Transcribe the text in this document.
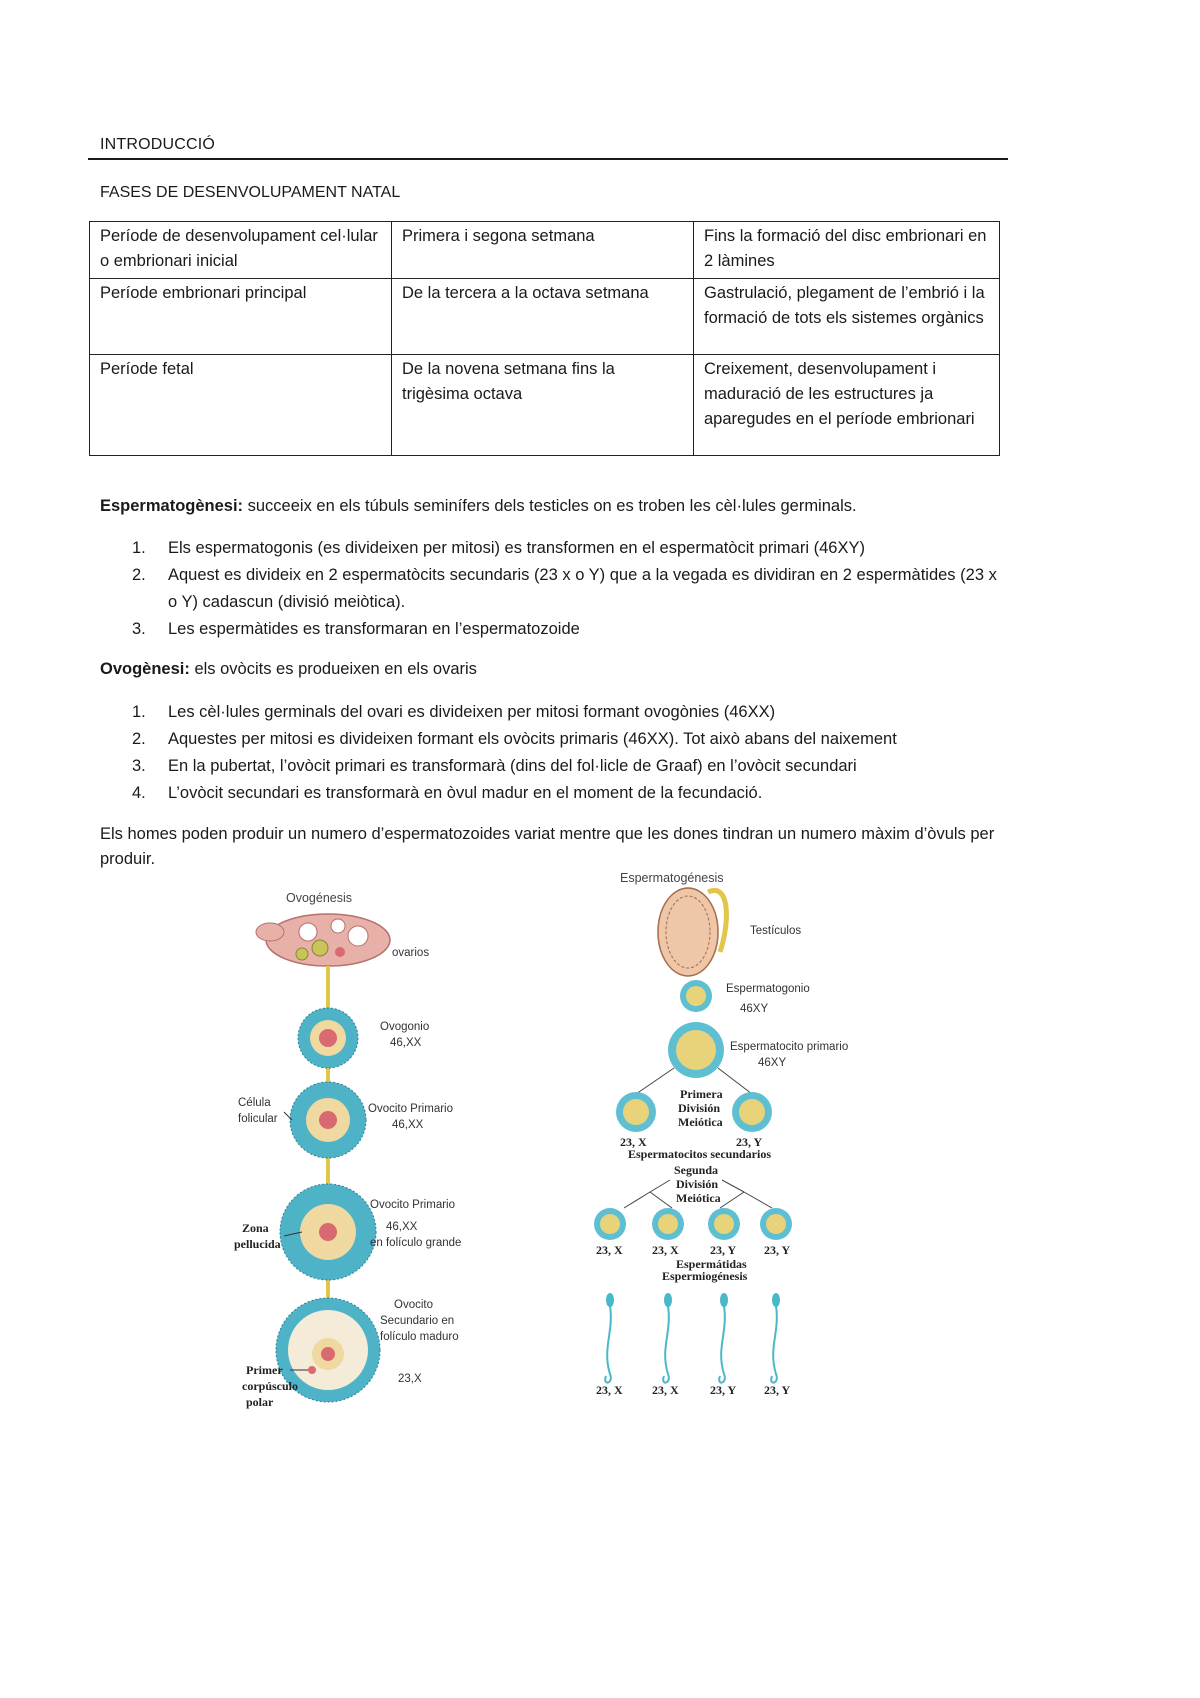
INTRODUCCIÓ
FASES DE DESENVOLUPAMENT NATAL
Període de desenvolupament cel·lular o embrionari inicial	Primera i segona setmana	Fins la formació del disc embrionari en 2 làmines
Període embrionari principal	De la tercera a la octava setmana	Gastrulació, plegament de l’embrió i la formació de tots els sistemes orgànics
Període fetal	De la novena setmana fins la trigèsima octava	Creixement, desenvolupament i maduració de les estructures ja aparegudes en el període embrionari
Espermatogènesi: succeeix en els túbuls seminífers dels testicles on es troben les cèl·lules germinals.
1. Els espermatogonis (es divideixen per mitosi) es transformen en el espermatòcit primari (46XY)
2. Aquest es divideix en 2 espermatòcits secundaris (23 x o Y) que a la vegada es dividiran en 2 espermàtides (23 x o Y) cadascun (divisió meiòtica).
3. Les espermàtides es transformaran en l’espermatozoide
Ovogènesi: els ovòcits es produeixen en els ovaris
1. Les cèl·lules germinals del ovari es divideixen per mitosi formant ovogònies (46XX)
2. Aquestes per mitosi es divideixen formant els ovòcits primaris (46XX). Tot això abans del naixement
3. En la pubertat, l’ovòcit primari es transformarà (dins del fol·licle de Graaf) en l’ovòcit secundari
4. L’ovòcit secundari es transformarà en òvul madur en el moment de la fecundació.
Els homes poden produir un numero d’espermatozoides variat mentre que les dones tindran un numero màxim d’òvuls per produir.
Ovogénesis
ovarios
Ovogonio
46,XX
Célula
folicular
Ovocito Primario
46,XX
Zona
pellucida
Ovocito Primario
46,XX
en folículo grande
Ovocito
Secundario en
folículo maduro
23,X
Primer
corpúsculo
polar
Espermatogénesis
Testículos
Espermatogonio
46XY
Espermatocito primario
46XY
Primera
División
Meiótica
23, X	23, Y
Espermatocitos secundarios
Segunda
División
Meiótica
23, X 23, X	23, Y 23, Y
Espermátidas
Espermiogénesis
23, X 23, X	23, Y 23, Y
